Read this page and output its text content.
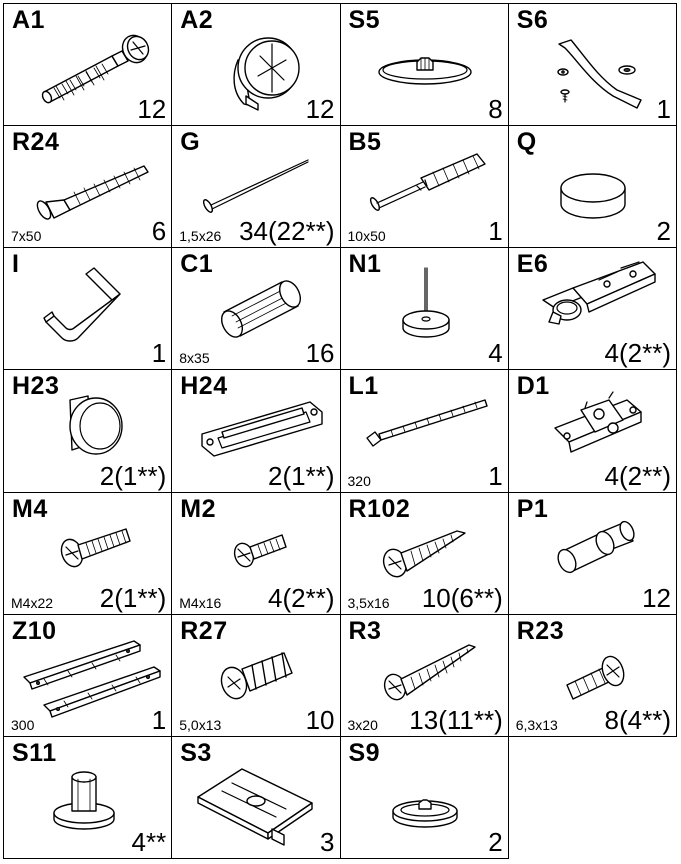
A1
12
A2
12
S5
8
S6
1
R24
7x50	6
G
1,5x26 34(22**)
B5
10x50	1
Q
2
I
1
C1
8x35	16
N1
4
E6
4(2**)
H23
2(1**)
H24
2(1**)
L1
320	1
D1
4(2**)
M4
M4x22 2(1**)
M2
M4x16 4(2**)
R102
3,5x16 10(6**)
P1
12
Z10
300	1
R27
5,0x13	10
R3
3x20 13(11**)
R23
6,3x13 8(4**)
S11
4**
S3
3
S9
2
